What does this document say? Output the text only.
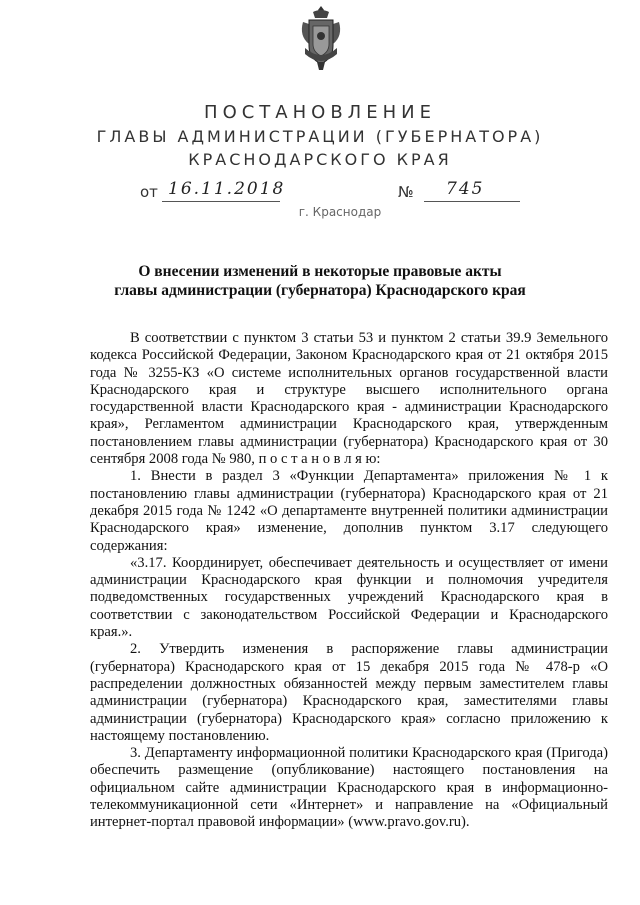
ПОСТАНОВЛЕНИЕ
ГЛАВЫ АДМИНИСТРАЦИИ (ГУБЕРНАТОРА)
КРАСНОДАРСКОГО КРАЯ
от 16.11.2018	№ 745
г. Краснодар
О внесении изменений в некоторые правовые акты
главы администрации (губернатора) Краснодарского края

В соответствии с пунктом 3 статьи 53 и пунктом 2 статьи 39.9 Земельного кодекса Российской Федерации, Законом Краснодарского края от 21 октября 2015 года № 3255-КЗ «О системе исполнительных органов государственной власти Краснодарского края и структуре высшего исполнительного органа государственной власти Краснодарского края - администрации Краснодарского края», Регламентом администрации Краснодарского края, утвержденным постановлением главы администрации (губернатора) Краснодарского края от 30 сентября 2008 года № 980, п о с т а н о в л я ю:

1. Внести в раздел 3 «Функции Департамента» приложения № 1 к постановлению главы администрации (губернатора) Краснодарского края от 21 декабря 2015 года № 1242 «О департаменте внутренней политики администрации Краснодарского края» изменение, дополнив пунктом 3.17 следующего содержания:

«3.17. Координирует, обеспечивает деятельность и осуществляет от имени администрации Краснодарского края функции и полномочия учредителя подведомственных государственных учреждений Краснодарского края в соответствии с законодательством Российской Федерации и Краснодарского края.».

2. Утвердить изменения в распоряжение главы администрации (губернатора) Краснодарского края от 15 декабря 2015 года № 478-р «О распределении должностных обязанностей между первым заместителем главы администрации (губернатора) Краснодарского края, заместителями главы администрации (губернатора) Краснодарского края» согласно приложению к настоящему постановлению.

3. Департаменту информационной политики Краснодарского края (Пригода) обеспечить размещение (опубликование) настоящего постановления на официальном сайте администрации Краснодарского края в информационно-телекоммуникационной сети «Интернет» и направление на «Официальный интернет-портал правовой информации» (www.pravo.gov.ru).
